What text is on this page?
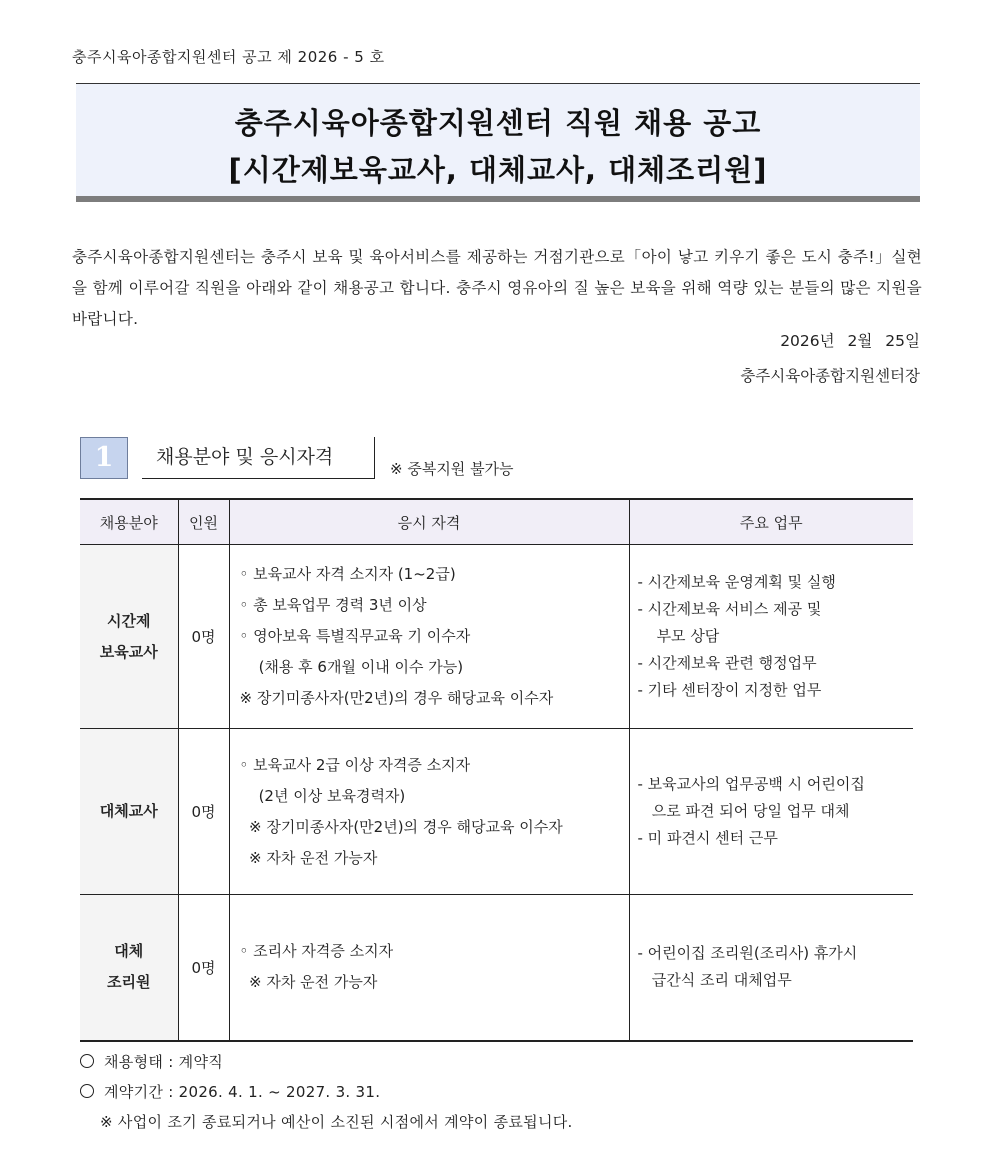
충주시육아종합지원센터 공고 제 2026 - 5 호
충주시육아종합지원센터 직원 채용 공고
[시간제보육교사, 대체교사, 대체조리원]

충주시육아종합지원센터는 충주시 보육 및 육아서비스를 제공하는 거점기관으로「아이 낳고 키우기 좋은 도시 충주!」실현을 함께 이루어갈 직원을 아래와 같이 채용공고 합니다. 충주시 영유아의 질 높은 보육을 위해 역량 있는 분들의 많은 지원을 바랍니다.

2026년 2월 25일
충주시육아종합지원센터장
1	채용분야 및 응시자격
※ 중복지원 불가능
채용분야	인원	응시 자격	주요 업무

시간제
보육교사	0명	◦ 보육교사 자격 소지자 (1~2급)
◦ 총 보육업무 경력 3년 이상
◦ 영아보육 특별직무교육 기 이수자
(채용 후 6개월 이내 이수 가능)
※ 장기미종사자(만2년)의 경우 해당교육 이수자	- 시간제보육 운영계획 및 실행
- 시간제보육 서비스 제공 및
부모 상담
- 시간제보육 관련 행정업무
- 기타 센터장이 지정한 업무

대체교사	0명	◦ 보육교사 2급 이상 자격증 소지자
(2년 이상 보육경력자)
※ 장기미종사자(만2년)의 경우 해당교육 이수자
※ 자차 운전 가능자	- 보육교사의 업무공백 시 어린이집
으로 파견 되어 당일 업무 대체
- 미 파견시 센터 근무

대체
조리원	0명	◦ 조리사 자격증 소지자
※ 자차 운전 가능자	- 어린이집 조리원(조리사) 휴가시
급간식 조리 대체업무
채용형태 : 계약직
계약기간 : 2026. 4. 1. ~ 2027. 3. 31.
※ 사업이 조기 종료되거나 예산이 소진된 시점에서 계약이 종료됩니다.
